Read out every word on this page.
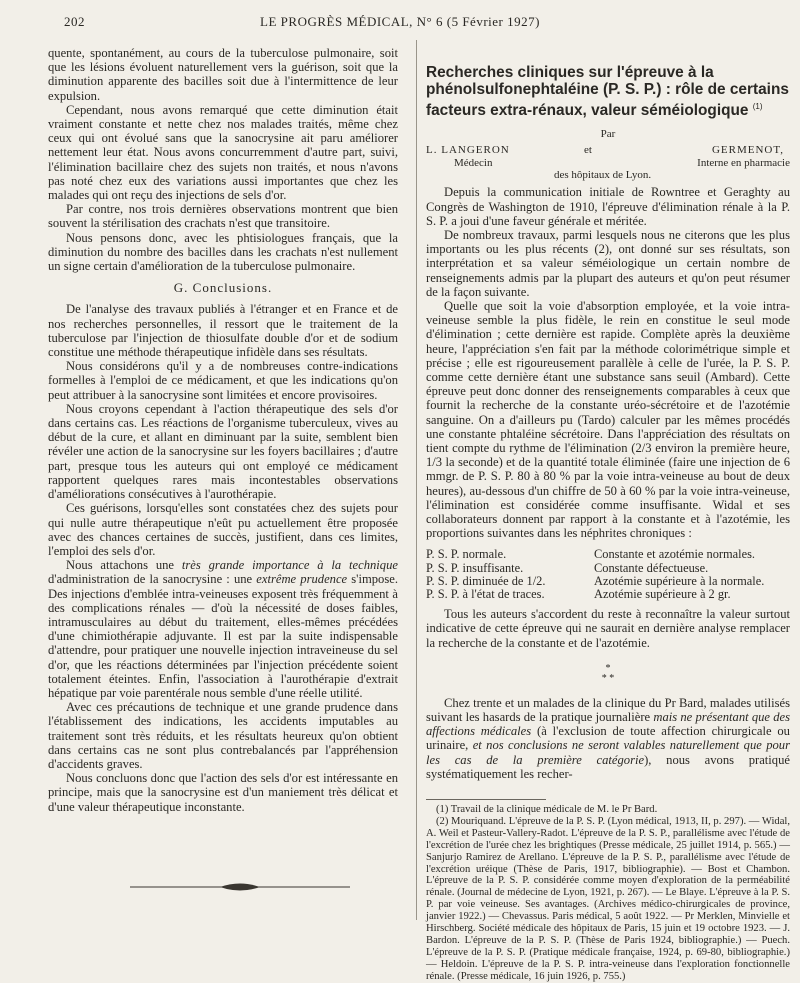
202	LE PROGRÈS MÉDICAL, N° 6 (5 Février 1927)

quente, spontanément, au cours de la tuberculose pulmonaire, soit que les lésions évoluent naturellement vers la guérison, soit que la diminution apparente des bacilles soit due à l'intermittence de leur expulsion.

Cependant, nous avons remarqué que cette diminution était vraiment constante et nette chez nos malades traités, même chez ceux qui ont évolué sans que la sanocrysine ait paru améliorer nettement leur état. Nous avons concurremment d'autre part, suivi, l'élimination bacillaire chez des sujets non traités, et nous n'avons pas noté chez eux des variations aussi importantes que chez les malades qui ont reçu des injections de sels d'or.

Par contre, nos trois dernières observations montrent que bien souvent la stérilisation des crachats n'est que transitoire.

Nous pensons donc, avec les phtisiologues français, que la diminution du nombre des bacilles dans les crachats n'est nullement un signe certain d'amélioration de la tuberculose pulmonaire.

G. Conclusions.

De l'analyse des travaux publiés à l'étranger et en France et de nos recherches personnelles, il ressort que le traitement de la tuberculose par l'injection de thiosulfate double d'or et de sodium constitue une méthode thérapeutique infidèle dans ses résultats.

Nous considérons qu'il y a de nombreuses contre-indications formelles à l'emploi de ce médicament, et que les indications qu'on peut attribuer à la sanocrysine sont limitées et encore provisoires.

Nous croyons cependant à l'action thérapeutique des sels d'or dans certains cas. Les réactions de l'organisme tuberculeux, vives au début de la cure, et allant en diminuant par la suite, semblent bien révéler une action de la sanocrysine sur les foyers bacillaires ; d'autre part, presque tous les auteurs qui ont employé ce médicament rapportent quelques rares mais incontestables observations d'améliorations consécutives à l'aurothérapie.

Ces guérisons, lorsqu'elles sont constatées chez des sujets pour qui nulle autre thérapeutique n'eût pu actuellement être proposée avec des chances certaines de succès, justifient, dans ces limites, l'emploi des sels d'or.

Nous attachons une très grande importance à la technique d'administration de la sanocrysine : une extrême prudence s'impose. Des injections d'emblée intra-veineuses exposent très fréquemment à des complications rénales — d'où la nécessité de doses faibles, intramusculaires au début du traitement, elles-mêmes précédées d'une chimiothérapie adjuvante. Il est par la suite indispensable d'attendre, pour pratiquer une nouvelle injection intraveineuse du sel d'or, que les réactions déterminées par l'injection précédente soient totalement éteintes. Enfin, l'association à l'aurothérapie d'extrait hépatique par voie parentérale nous semble d'une réelle utilité.

Avec ces précautions de technique et une grande prudence dans l'établissement des indications, les accidents imputables au traitement sont très réduits, et les résultats heureux qu'on obtient dans certains cas ne sont plus contrebalancés par l'appréhension d'accidents graves.

Nous concluons donc que l'action des sels d'or est intéressante en principe, mais que la sanocrysine est d'un maniement très délicat et d'une valeur thérapeutique inconstante.

Recherches cliniques sur l'épreuve à la phénolsulfonephtaléine (P. S. P.) : rôle de certains facteurs extra-rénaux, valeur séméiologique $^{(1)}$
Par
L. LANGERON	et	GERMENOT,
Médecin	Interne en pharmacie
des hôpitaux de Lyon.

Depuis la communication initiale de Rowntree et Geraghty au Congrès de Washington de 1910, l'épreuve d'élimination rénale à la P. S. P. a joui d'une faveur générale et méritée.

De nombreux travaux, parmi lesquels nous ne citerons que les plus importants ou les plus récents (2), ont donné sur ses résultats, son interprétation et sa valeur séméiologique un certain nombre de renseignements admis par la plupart des auteurs et qu'on peut résumer de la façon suivante.

Quelle que soit la voie d'absorption employée, et la voie intra-veineuse semble la plus fidèle, le rein en constitue le seul mode d'élimination ; cette dernière est rapide. Complète après la deuxième heure, l'appréciation s'en fait par la méthode colorimétrique simple et précise ; elle est rigoureusement parallèle à celle de l'urée, la P. S. P. comme cette dernière étant une substance sans seuil (Ambard). Cette épreuve peut donc donner des renseignements comparables à ceux que fournit la recherche de la constante uréo-sécrétoire et de l'azotémie sanguine. On a d'ailleurs pu (Tardo) calculer par les mêmes procédés une constante phtaléine sécrétoire. Dans l'appréciation des résultats on tient compte du rythme de l'élimination (2/3 environ la première heure, 1/3 la seconde) et de la quantité totale éliminée (faire une injection de 6 mmgr. de P. S. P. 80 à 80 % par la voie intra-veineuse au bout de deux heures), au-dessous d'un chiffre de 50 à 60 % par la voie intra-veineuse, l'élimination est considérée comme insuffisante. Widal et ses collaborateurs donnent par rapport à la constante et à l'azotémie, les proportions suivantes dans les néphrites chroniques :

P. S. P. normale.	Constante et azotémie normales.
P. S. P. insuffisante.	Constante défectueuse.
P. S. P. diminuée de 1/2.	Azotémie supérieure à la normale.
P. S. P. à l'état de traces.	Azotémie supérieure à 2 gr.

Tous les auteurs s'accordent du reste à reconnaître la valeur surtout indicative de cette épreuve qui ne saurait en dernière analyse remplacer la recherche de la constante et de l'azotémie.

*
* *

Chez trente et un malades de la clinique du Pr Bard, malades utilisés suivant les hasards de la pratique journalière mais ne présentant que des affections médicales (à l'exclusion de toute affection chirurgicale ou urinaire, et nos conclusions ne seront valables naturellement que pour les cas de la première catégorie), nous avons pratiqué systématiquement les recher-

(1) Travail de la clinique médicale de M. le Pr Bard.

(2) Mouriquand. L'épreuve de la P. S. P. (Lyon médical, 1913, II, p. 297). — Widal, A. Weil et Pasteur-Vallery-Radot. L'épreuve de la P. S. P., parallélisme avec l'étude de l'excrétion de l'urée chez les brightiques (Presse médicale, 25 juillet 1914, p. 565.) — Sanjurjo Ramirez de Arellano. L'épreuve de la P. S. P., parallélisme avec l'étude de l'excrétion uréique (Thèse de Paris, 1917, bibliographie). — Bost et Chambon. L'épreuve de la P. S. P. considérée comme moyen d'exploration de la perméabilité rénale. (Journal de médecine de Lyon, 1921, p. 267). — Le Blaye. L'épreuve à la P. S. P. par voie veineuse. Ses avantages. (Archives médico-chirurgicales de province, janvier 1922.) — Chevassus. Paris médical, 5 août 1922. — Pr Merklen, Minvielle et Hirschberg. Société médicale des hôpitaux de Paris, 15 juin et 19 octobre 1923. — J. Bardon. L'épreuve de la P. S. P. (Thèse de Paris 1924, bibliographie.) — Puech. L'épreuve de la P. S. P. (Pratique médicale française, 1924, p. 69-80, bibliographie.) — Heldoin. L'épreuve de la P. S. P. intra-veineuse dans l'exploration fonctionnelle rénale. (Presse médicale, 16 juin 1926, p. 755.)
